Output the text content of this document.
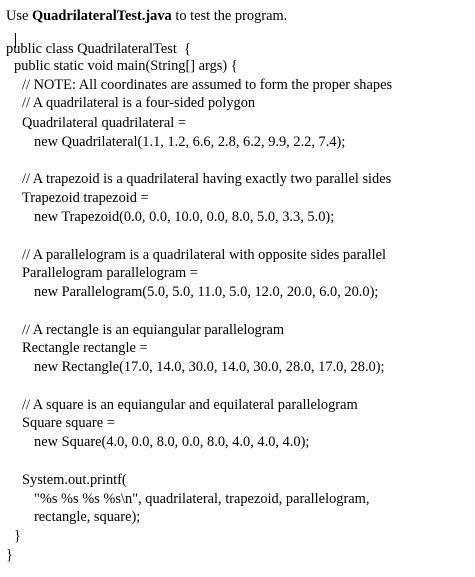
Use QuadrilateralTest.java to test the program.
public class QuadrilateralTest  {
public static void main(String[] args) {
// NOTE: All coordinates are assumed to form the proper shapes
// A quadrilateral is a four-sided polygon
Quadrilateral quadrilateral =
new Quadrilateral(1.1, 1.2, 6.6, 2.8, 6.2, 9.9, 2.2, 7.4);
// A trapezoid is a quadrilateral having exactly two parallel sides
Trapezoid trapezoid =
new Trapezoid(0.0, 0.0, 10.0, 0.0, 8.0, 5.0, 3.3, 5.0);
// A parallelogram is a quadrilateral with opposite sides parallel
Parallelogram parallelogram =
new Parallelogram(5.0, 5.0, 11.0, 5.0, 12.0, 20.0, 6.0, 20.0);
// A rectangle is an equiangular parallelogram
Rectangle rectangle =
new Rectangle(17.0, 14.0, 30.0, 14.0, 30.0, 28.0, 17.0, 28.0);
// A square is an equiangular and equilateral parallelogram
Square square =
new Square(4.0, 0.0, 8.0, 0.0, 8.0, 4.0, 4.0, 4.0);
System.out.printf(
"%s %s %s %s\n", quadrilateral, trapezoid, parallelogram,
rectangle, square);
}
}
